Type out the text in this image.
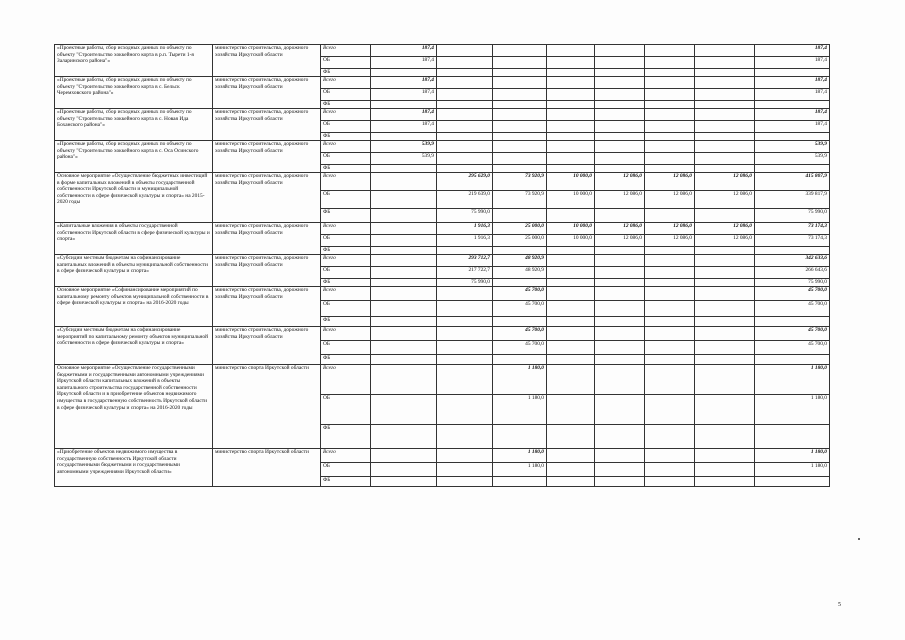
«Проектные работы, сбор исходных данных по объекту по объекту "Строительство хоккейного корта в р.п. Тырети 1-я Заларинского района"»	министерство строительства, дорожного хозяйства Иркутской области	Всего	187,4							187,4
		ОБ	187,4							187,4
		ФБ								
«Проектные работы, сбор исходных данных по объекту по объекту "Строительство хоккейного корта в с. Бельск Черемховского района"»	министерство строительства, дорожного хозяйства Иркутской области	Всего	187,4							187,4
		ОБ	187,4							187,4
		ФБ								
«Проектные работы, сбор исходных данных по объекту по объекту "Строительство хоккейного корта в с. Новая Ида Боханского района"»	министерство строительства, дорожного хозяйства Иркутской области	Всего	187,4							187,4
		ОБ	187,4							187,4
		ФБ								
«Проектные работы, сбор исходных данных по объекту по объекту "Строительство хоккейного корта в с. Оса Осинского района"»	министерство строительства, дорожного хозяйства Иркутской области	Всего	539,9							539,9
		ОБ	539,9							539,9
		ФБ								
Основное мероприятие «Осуществление бюджетных инвестиций в форме капитальных вложений в объекты государственной собственности Иркутской области и муниципальной собственности в сфере физической культуры и спорта» на 2015-2020 годы	министерство строительства, дорожного хозяйства Иркутской области	Всего		295 629,0	73 920,9	10 000,0	12 086,0	12 086,0	12 086,0	415 807,9
		ОБ		219 639,0	73 920,9	10 000,0	12 086,0	12 086,0	12 086,0	339 817,9
		ФБ		75 990,0						75 990,0
«Капитальные вложения в объекты государственной собственности Иркутской области в сфере физической культуры и спорта»	министерство строительства, дорожного хозяйства Иркутской области	Всего		1 916,3	25 000,0	10 000,0	12 086,0	12 086,0	12 086,0	73 174,3
		ОБ		1 916,3	25 000,0	10 000,0	12 086,0	12 086,0	12 086,0	73 174,3
		ФБ								
«Субсидии местным бюджетам на софинансирование капитальных вложений в объекты муниципальной собственности в сфере физической культуры и спорта»	министерство строительства, дорожного хозяйства Иркутской области	Всего		293 712,7	48 920,9					342 633,6
		ОБ		217 722,7	48 920,9					266 643,6
		ФБ		75 990,0						75 990,0
Основное мероприятие «Софинансирование мероприятий по капитальному ремонту объектов муниципальной собственности в сфере физической культуры и спорта» на 2016-2020 годы	министерство строительства, дорожного хозяйства Иркутской области	Всего			45 700,0					45 700,0
		ОБ			45 700,0					45 700,0
		ФБ								
«Субсидии местным бюджетам на софинансирование мероприятий по капитальному ремонту объектов муниципальной собственности в сфере физической культуры и спорта»	министерство строительства, дорожного хозяйства Иркутской области	Всего			45 700,0					45 700,0
		ОБ			45 700,0					45 700,0
		ФБ								
Основное мероприятие «Осуществление государственными бюджетными и государственными автономными учреждениями Иркутской области капитальных вложений в объекты капитального строительства государственной собственности Иркутской области и в приобретение объектов недвижимого имущества в государственную собственность Иркутской области в сфере физической культуры и спорта» на 2016-2020 годы	министерство спорта Иркутской области	Всего			1 180,0					1 180,0
		ОБ			1 180,0					1 180,0
		ФБ								
«Приобретение объектов недвижимого имущества в государственную собственность Иркутской области государственными бюджетными и государственными автономными учреждениями Иркутской области»	министерство спорта Иркутской области	Всего			1 180,0					1 180,0
		ОБ			1 180,0					1 180,0
		ФБ								
5
